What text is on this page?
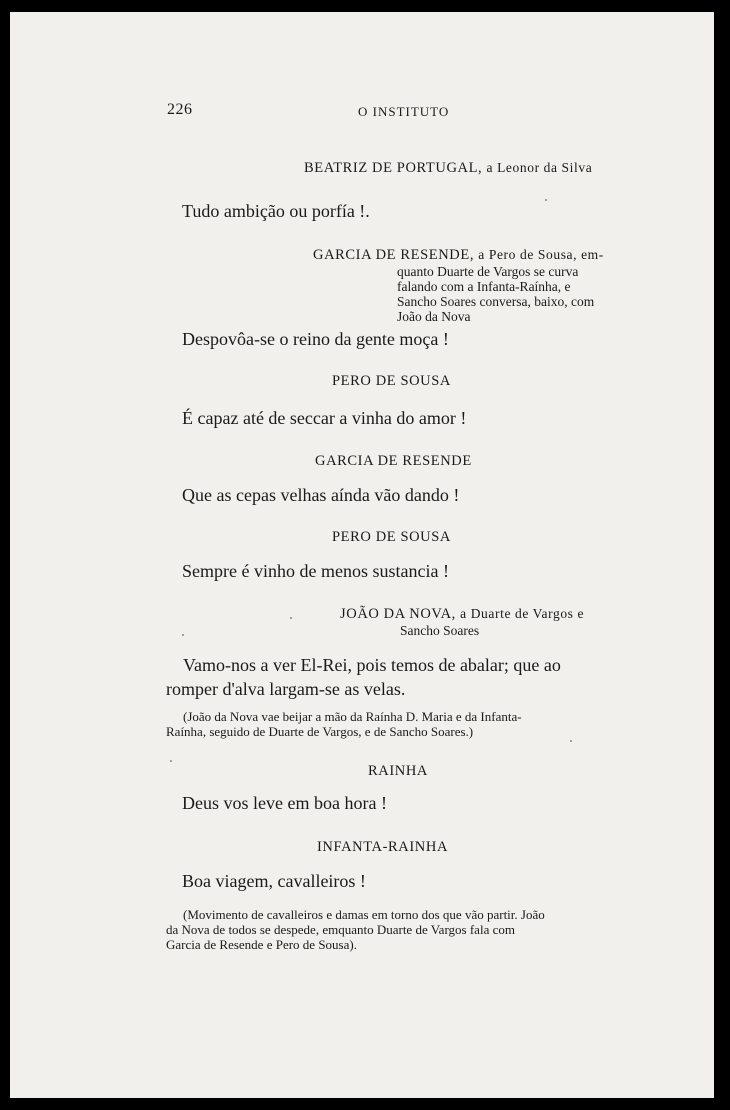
226	O INSTITUTO
BEATRIZ DE PORTUGAL, a Leonor da Silva
Tudo ambição ou porfía !.
GARCIA DE RESENDE, a Pero de Sousa, em-
quanto Duarte de Vargos se curva
falando com a Infanta-Raínha, e
Sancho Soares conversa, baixo, com
João da Nova
Despovôa-se o reino da gente moça !
PERO DE SOUSA
É capaz até de seccar a vinha do amor !
GARCIA DE RESENDE
Que as cepas velhas aínda vão dando !
PERO DE SOUSA
Sempre é vinho de menos sustancia !
JOÃO DA NOVA, a Duarte de Vargos e
Sancho Soares
Vamo-nos a ver El-Rei, pois temos de abalar; que ao
romper d'alva largam-se as velas.
(João da Nova vae beijar a mão da Raínha D. Maria e da Infanta-
Raínha, seguido de Duarte de Vargos, e de Sancho Soares.)
RAINHA
Deus vos leve em boa hora !
INFANTA-RAINHA
Boa viagem, cavalleiros !
(Movimento de cavalleiros e damas em torno dos que vão partir. João
da Nova de todos se despede, emquanto Duarte de Vargos fala com
Garcia de Resende e Pero de Sousa).
